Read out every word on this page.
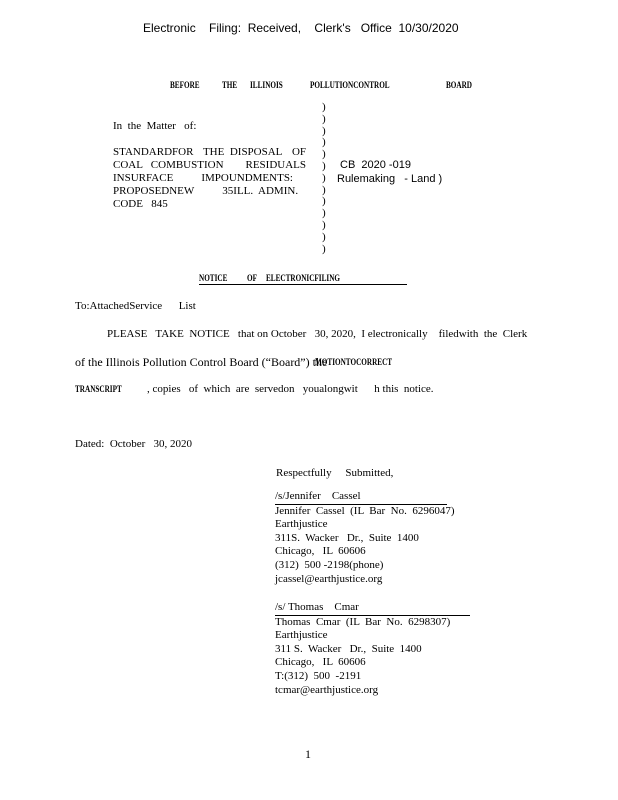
Electronic    Filing:  Received,    Clerk's   Office  10/30/2020
BEFORE THE ILLINOIS	POLLUTIONCONTROL	BOARD
In  the  Matter   of:
STANDARDFOR THE  DISPOSAL OF
COAL   COMBUSTION RESIDUALS
INSURFACE	IMPOUNDMENTS:
PROPOSEDNEW	35ILL.  ADMIN.
CODE   845
)
)
)
)
)
)
)
)
)
)
)
)
)
CB  2020 -019
Rulemaking   - Land )
NOTICE OF ELECTRONICFILING
To:AttachedService      List
PLEASE   TAKE  NOTICE   that on October   30, 2020,  I electronically    filedwith  the  Clerk
of the Illinois Pollution Control Board (“Board”) the
MOTIONTOCORRECT
TRANSCRIPT , copies   of  which  are  servedon   youalongwit      h this  notice.
Dated:  October   30, 2020
Respectfully     Submitted,
/s/Jennifer    Cassel
Jennifer  Cassel  (IL  Bar  No.  6296047)
Earthjustice
311S.  Wacker   Dr.,  Suite  1400
Chicago,   IL  60606
(312)  500 -2198(phone)
jcassel@earthjustice.org
/s/ Thomas    Cmar
Thomas  Cmar  (IL  Bar  No.  6298307)
Earthjustice
311 S.  Wacker   Dr.,  Suite  1400
Chicago,   IL  60606
T:(312)  500  -2191
tcmar@earthjustice.org
1
